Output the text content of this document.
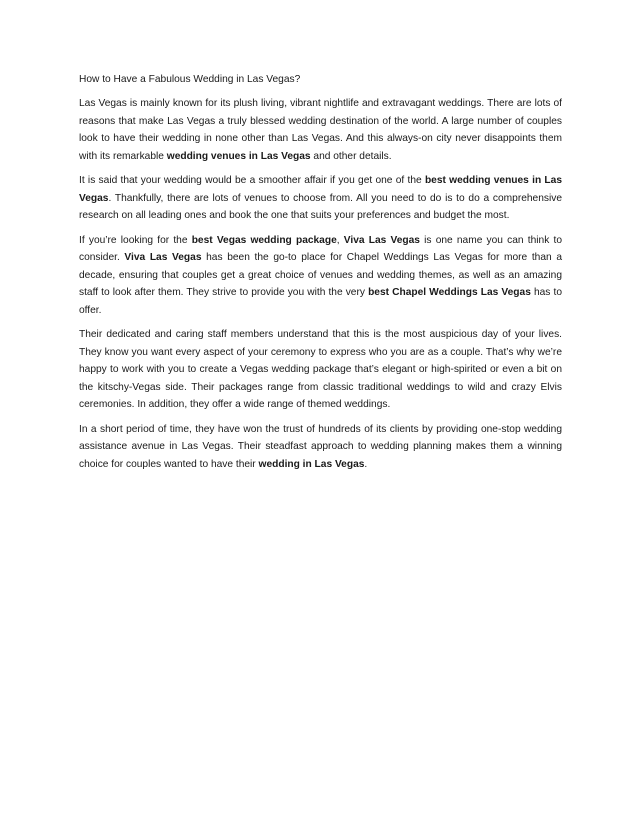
How to Have a Fabulous Wedding in Las Vegas?

Las Vegas is mainly known for its plush living, vibrant nightlife and extravagant weddings. There are lots of reasons that make Las Vegas a truly blessed wedding destination of the world. A large number of couples look to have their wedding in none other than Las Vegas. And this always-on city never disappoints them with its remarkable wedding venues in Las Vegas and other details.

It is said that your wedding would be a smoother affair if you get one of the best wedding venues in Las Vegas. Thankfully, there are lots of venues to choose from. All you need to do is to do a comprehensive research on all leading ones and book the one that suits your preferences and budget the most.

If you’re looking for the best Vegas wedding package, Viva Las Vegas is one name you can think to consider. Viva Las Vegas has been the go-to place for Chapel Weddings Las Vegas for more than a decade, ensuring that couples get a great choice of venues and wedding themes, as well as an amazing staff to look after them. They strive to provide you with the very best Chapel Weddings Las Vegas has to offer.

Their dedicated and caring staff members understand that this is the most auspicious day of your lives. They know you want every aspect of your ceremony to express who you are as a couple. That’s why we’re happy to work with you to create a Vegas wedding package that’s elegant or high-spirited or even a bit on the kitschy-Vegas side. Their packages range from classic traditional weddings to wild and crazy Elvis ceremonies. In addition, they offer a wide range of themed weddings.

In a short period of time, they have won the trust of hundreds of its clients by providing one-stop wedding assistance avenue in Las Vegas. Their steadfast approach to wedding planning makes them a winning choice for couples wanted to have their wedding in Las Vegas.
